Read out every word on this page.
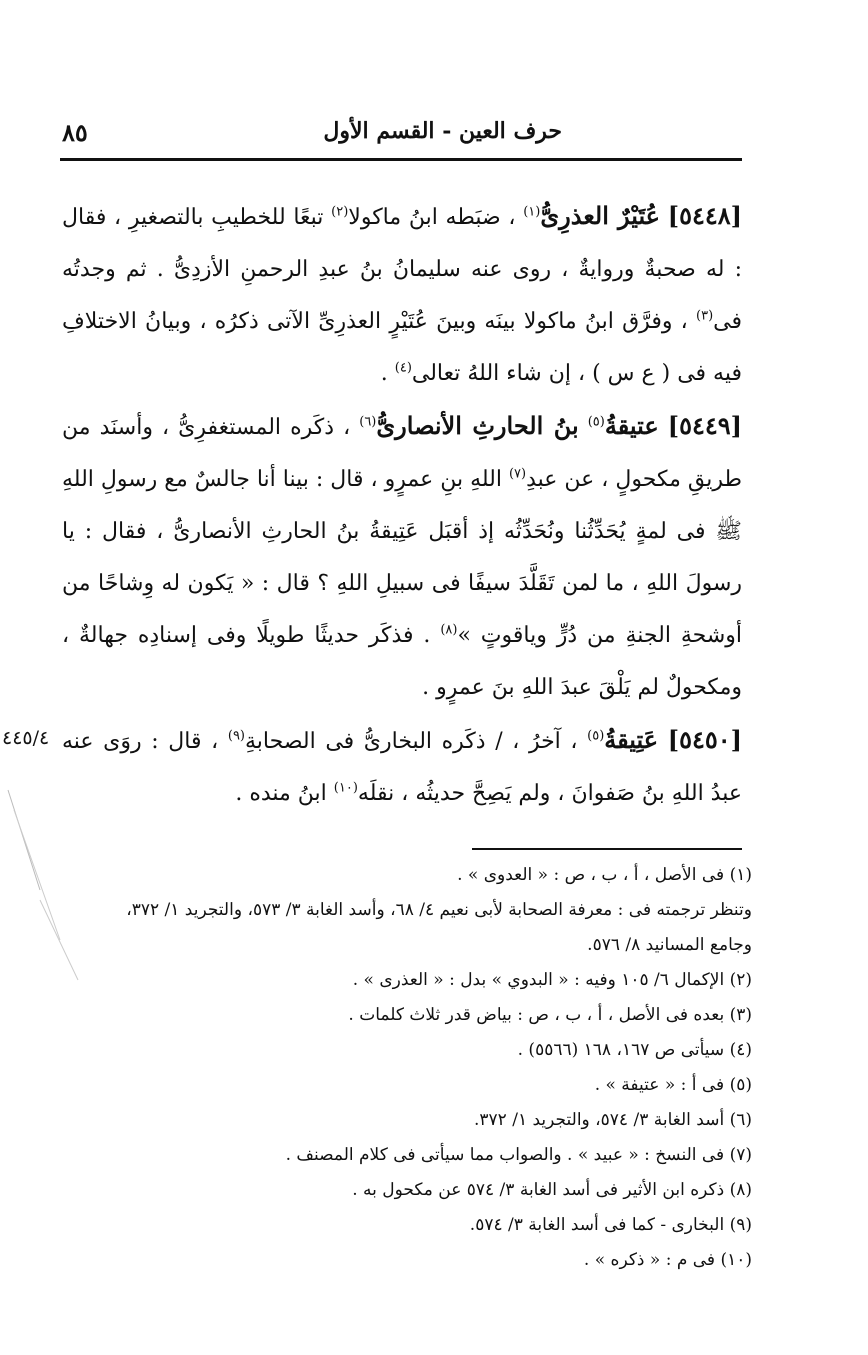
حرف العين - القسم الأول
٨٥

[٥٤٤٨] عُتَيْرٌ العذرِىُّ$^{(١)}$ ، ضبَطه ابنُ ماكولا$^{(٢)}$ تبعًا للخطيبِ بالتصغيرِ ، فقال : له صحبةٌ وروايةٌ ، روى عنه سليمانُ بنُ عبدِ الرحمنِ الأزدِىُّ . ثم وجدتُه فى$^{(٣)}$ ، وفرَّق ابنُ ماكولا بينَه وبينَ عُتَيْرٍ العذرِىِّ الآتى ذكرُه ، وبيانُ الاختلافِ فيه فى ( ع س ) ، إن شاء اللهُ تعالى$^{(٤)}$ .

[٥٤٤٩] عتيقةُ$^{(٥)}$ بنُ الحارثِ الأنصارىُّ$^{(٦)}$ ، ذكَره المستغفرِىُّ ، وأسنَد من طريقِ مكحولٍ ، عن عبدِ$^{(٧)}$ اللهِ بنِ عمرٍو ، قال : بينا أنا جالسٌ مع رسولِ اللهِ ﷺ فى لمةٍ يُحَدِّثُنا ونُحَدِّثُه إذ أقبَل عَتِيقةُ بنُ الحارثِ الأنصارىُّ ، فقال : يا رسولَ اللهِ ، ما لمن تَقَلَّدَ سيفًا فى سبيلِ اللهِ ؟ قال : « يَكون له وِشاحًا من أوشحةِ الجنةِ من دُرٍّ وياقوتٍ »$^{(٨)}$ . فذكَر حديثًا طويلًا وفى إسنادِه جهالةٌ ، ومكحولٌ لم يَلْقَ عبدَ اللهِ بنَ عمرٍو .

[٥٤٥٠] عَتِيقةُ$^{(٥)}$ ، آخرُ ، / ذكَره البخارىُّ فى الصحابةِ$^{(٩)}$ ، قال : روَى عنه عبدُ اللهِ بنُ صَفوانَ ، ولم يَصِحَّ حديثُه ، نقلَه$^{(١٠)}$ ابنُ منده .

٤٤٥/٤

(١) فى الأصل ، أ ، ب ، ص : « العدوى » .

وتنظر ترجمته فى : معرفة الصحابة لأبى نعيم ٤/ ٦٨، وأسد الغابة ٣/ ٥٧٣، والتجريد ١/ ٣٧٢،

وجامع المسانيد ٨/ ٥٧٦.

(٢) الإكمال ٦/ ١٠٥ وفيه : « البدوي » بدل : « العذرى » .

(٣) بعده فى الأصل ، أ ، ب ، ص : بياض قدر ثلاث كلمات .

(٤) سيأتى ص ١٦٧، ١٦٨ (٥٥٦٦) .

(٥) فى أ : « عتيفة » .

(٦) أسد الغابة ٣/ ٥٧٤، والتجريد ١/ ٣٧٢.

(٧) فى النسخ : « عبيد » . والصواب مما سيأتى فى كلام المصنف .

(٨) ذكره ابن الأثير فى أسد الغابة ٣/ ٥٧٤ عن مكحول به .

(٩) البخارى - كما فى أسد الغابة ٣/ ٥٧٤.

(١٠) فى م : « ذكره » .
